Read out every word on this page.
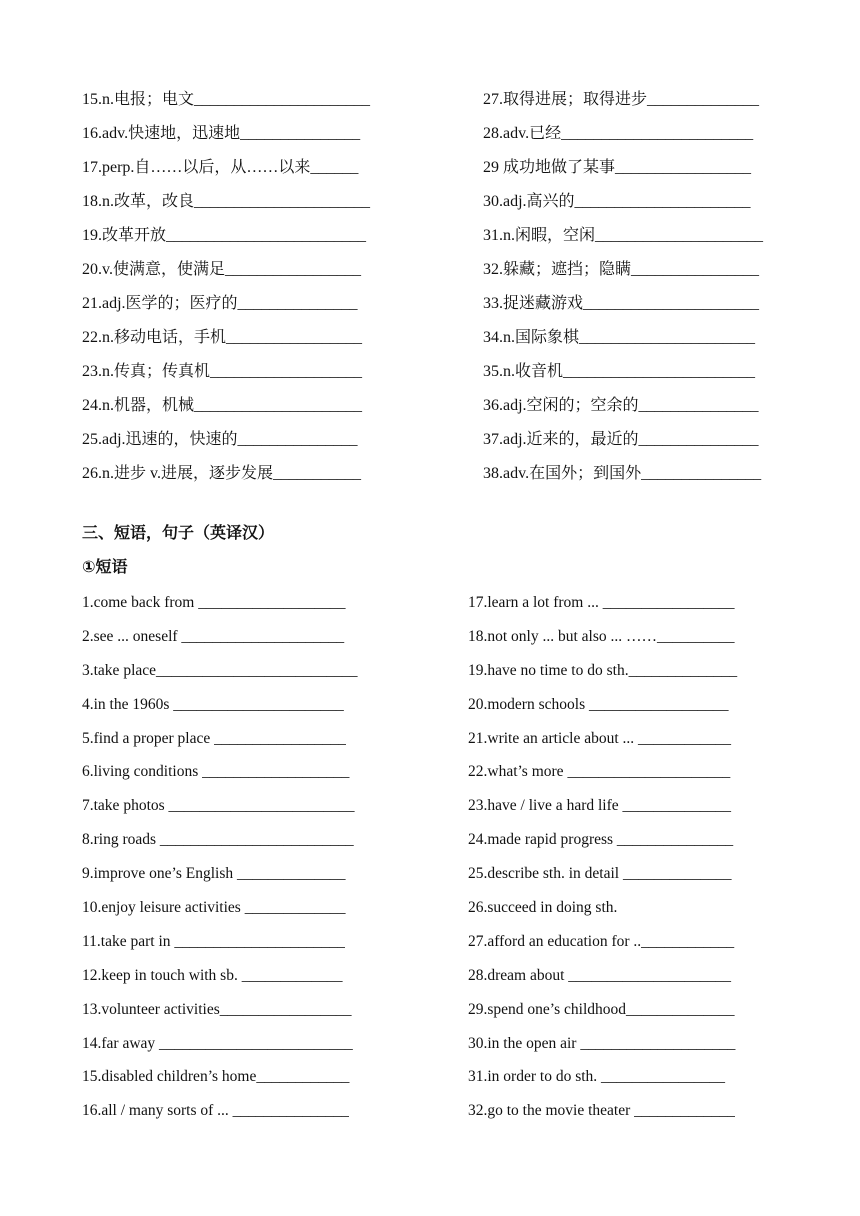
15.n.电报；电文______________________	27.取得进展；取得进步______________
16.adv.快速地，迅速地_______________	28.adv.已经________________________
17.perp.自……以后，从……以来______	29 成功地做了某事_________________
18.n.改革，改良______________________	30.adj.高兴的______________________
19.改革开放_________________________	31.n.闲暇，空闲_____________________
20.v.使满意，使满足_________________	32.躲藏；遮挡；隐瞒________________
21.adj.医学的；医疗的_______________	33.捉迷藏游戏______________________
22.n.移动电话，手机_________________	34.n.国际象棋______________________
23.n.传真；传真机___________________	35.n.收音机________________________
24.n.机器，机械_____________________	36.adj.空闲的；空余的_______________
25.adj.迅速的，快速的_______________	37.adj.近来的，最近的_______________
26.n.进步 v.进展，逐步发展___________	38.adv.在国外；到国外_______________
三、短语，句子（英译汉）
①短语
1.come back from ___________________	17.learn a lot from ... _________________
2.see ... oneself _____________________	18.not only ... but also ... ……__________
3.take place__________________________	19.have no time to do sth.______________
4.in the 1960s ______________________	20.modern schools __________________
5.find a proper place _________________	21.write an article about ... ____________
6.living conditions ___________________	22.what’s more _____________________
7.take photos ________________________	23.have / live a hard life ______________
8.ring roads _________________________	24.made rapid progress _______________
9.improve one’s English ______________	25.describe sth. in detail ______________
10.enjoy leisure activities _____________	26.succeed in doing sth.
11.take part in ______________________	27.afford an education for ..____________
12.keep in touch with sb. _____________	28.dream about _____________________
13.volunteer activities_________________	29.spend one’s childhood______________
14.far away _________________________	30.in the open air ____________________
15.disabled children’s home____________	31.in order to do sth. ________________
16.all / many sorts of ... _______________	32.go to the movie theater _____________
